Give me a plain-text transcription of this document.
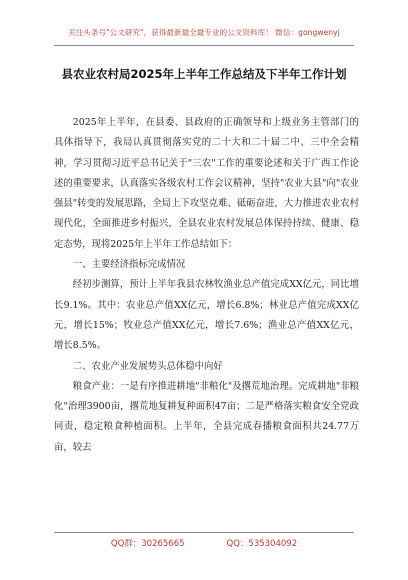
关注头条号"公文研究"，获得最新最全最专业的公文资料库！ 微信：gongwenyj
县农业农村局2025年上半年工作总结及下半年工作计划

2025年上半年，在县委、县政府的正确领导和上级业务主管部门的具体指导下，我局认真贯彻落实党的二十大和二十届二中、三中全会精神，学习贯彻习近平总书记关于"三农"工作的重要论述和关于广西工作论述的重要要求，认真落实各级农村工作会议精神，坚持"农业大县"向"农业强县"转变的发展思路，全局上下攻坚克难、砥砺奋进，大力推进农业农村现代化，全面推进乡村振兴，全县农业农村发展总体保持持续、健康、稳定态势，现将2025年上半年工作总结如下：

一、主要经济指标完成情况

经初步测算，预计上半年我县农林牧渔业总产值完成XX亿元，同比增长9.1%。其中：农业总产值XX亿元，增长6.8%；林业总产值完成XX亿元，增长15%；牧业总产值XX亿元，增长7.6%；渔业总产值XX亿元，增长8.5%。

二、农业产业发展势头总体稳中向好

粮食产业：一是有序推进耕地"非粮化"及撂荒地治理。完成耕地"非粮化"治理3900亩，撂荒地复耕复种面积47亩；二是严格落实粮食安全党政同责，稳定粮食种植面积。上半年，全县完成春播粮食面积共24.77万亩，较去

QQ群：30265665	QQ：535304092
